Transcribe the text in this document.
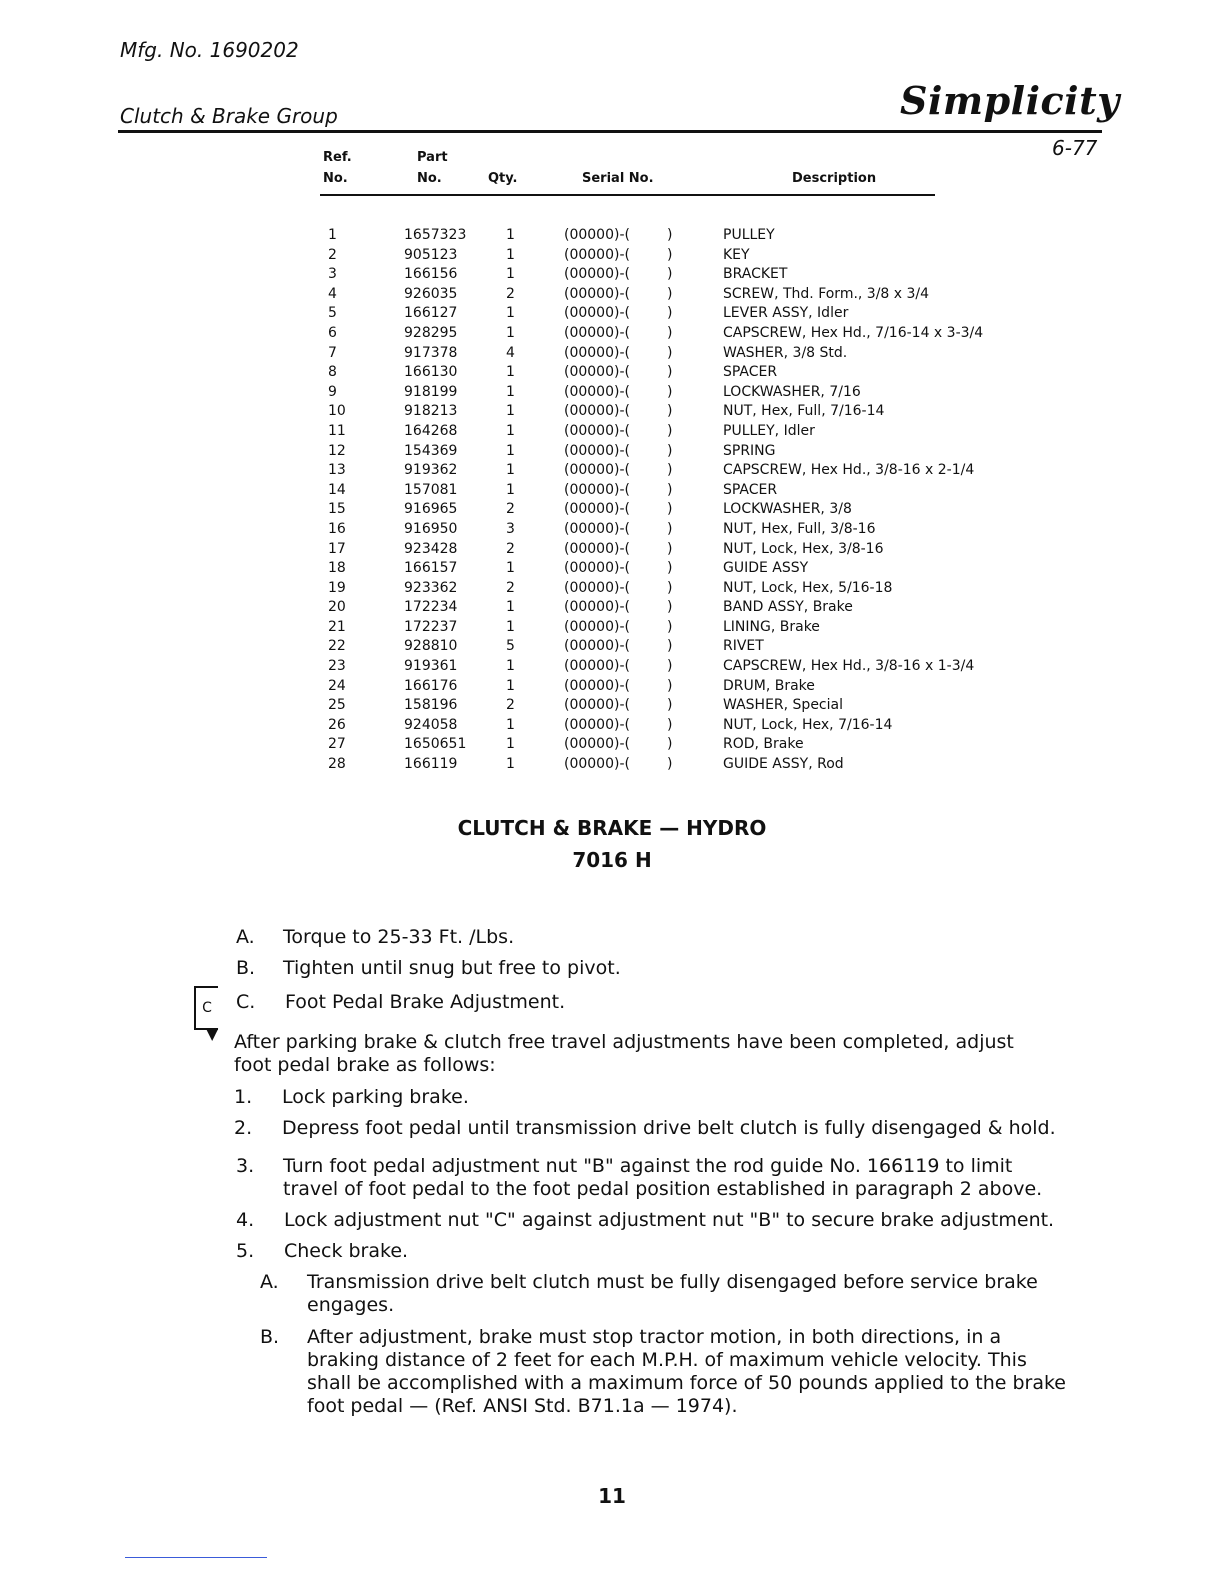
Mfg. No. 1690202
Clutch & Brake Group	Simplicity
6-77
Ref.
No.
Part
No.	Qty.	Serial No.	Description
1	1657323	1	(00000)-(	)	PULLEY
2	905123	1	(00000)-(	)	KEY
3	166156	1	(00000)-(	)	BRACKET
4	926035	2	(00000)-(	)	SCREW, Thd. Form., 3/8 x 3/4
5	166127	1	(00000)-(	)	LEVER ASSY, Idler
6	928295	1	(00000)-(	)	CAPSCREW, Hex Hd., 7/16-14 x 3-3/4
7	917378	4	(00000)-(	)	WASHER, 3/8 Std.
8	166130	1	(00000)-(	)	SPACER
9	918199	1	(00000)-(	)	LOCKWASHER, 7/16
10	918213	1	(00000)-(	)	NUT, Hex, Full, 7/16-14
11	164268	1	(00000)-(	)	PULLEY, Idler
12	154369	1	(00000)-(	)	SPRING
13	919362	1	(00000)-(	)	CAPSCREW, Hex Hd., 3/8-16 x 2-1/4
14	157081	1	(00000)-(	)	SPACER
15	916965	2	(00000)-(	)	LOCKWASHER, 3/8
16	916950	3	(00000)-(	)	NUT, Hex, Full, 3/8-16
17	923428	2	(00000)-(	)	NUT, Lock, Hex, 3/8-16
18	166157	1	(00000)-(	)	GUIDE ASSY
19	923362	2	(00000)-(	)	NUT, Lock, Hex, 5/16-18
20	172234	1	(00000)-(	)	BAND ASSY, Brake
21	172237	1	(00000)-(	)	LINING, Brake
22	928810	5	(00000)-(	)	RIVET
23	919361	1	(00000)-(	)	CAPSCREW, Hex Hd., 3/8-16 x 1-3/4
24	166176	1	(00000)-(	)	DRUM, Brake
25	158196	2	(00000)-(	)	WASHER, Special
26	924058	1	(00000)-(	)	NUT, Lock, Hex, 7/16-14
27	1650651	1	(00000)-(	)	ROD, Brake
28	166119	1	(00000)-(	)	GUIDE ASSY, Rod
CLUTCH & BRAKE — HYDRO
7016 H
A. Torque to 25-33 Ft. /Lbs.
B. Tighten until snug but free to pivot.
C
▼
C. Foot Pedal Brake Adjustment.
After parking brake & clutch free travel adjustments have been completed, adjust
foot pedal brake as follows:
1. Lock parking brake.
2. Depress foot pedal until transmission drive belt clutch is fully disengaged & hold.
3. Turn foot pedal adjustment nut "B" against the rod guide No. 166119 to limit
travel of foot pedal to the foot pedal position established in paragraph 2 above.
4. Lock adjustment nut "C" against adjustment nut "B" to secure brake adjustment.
5. Check brake.
A. Transmission drive belt clutch must be fully disengaged before service brake
engages.
B. After adjustment, brake must stop tractor motion, in both directions, in a
braking distance of 2 feet for each M.P.H. of maximum vehicle velocity. This
shall be accomplished with a maximum force of 50 pounds applied to the brake
foot pedal — (Ref. ANSI Std. B71.1a — 1974).
11
